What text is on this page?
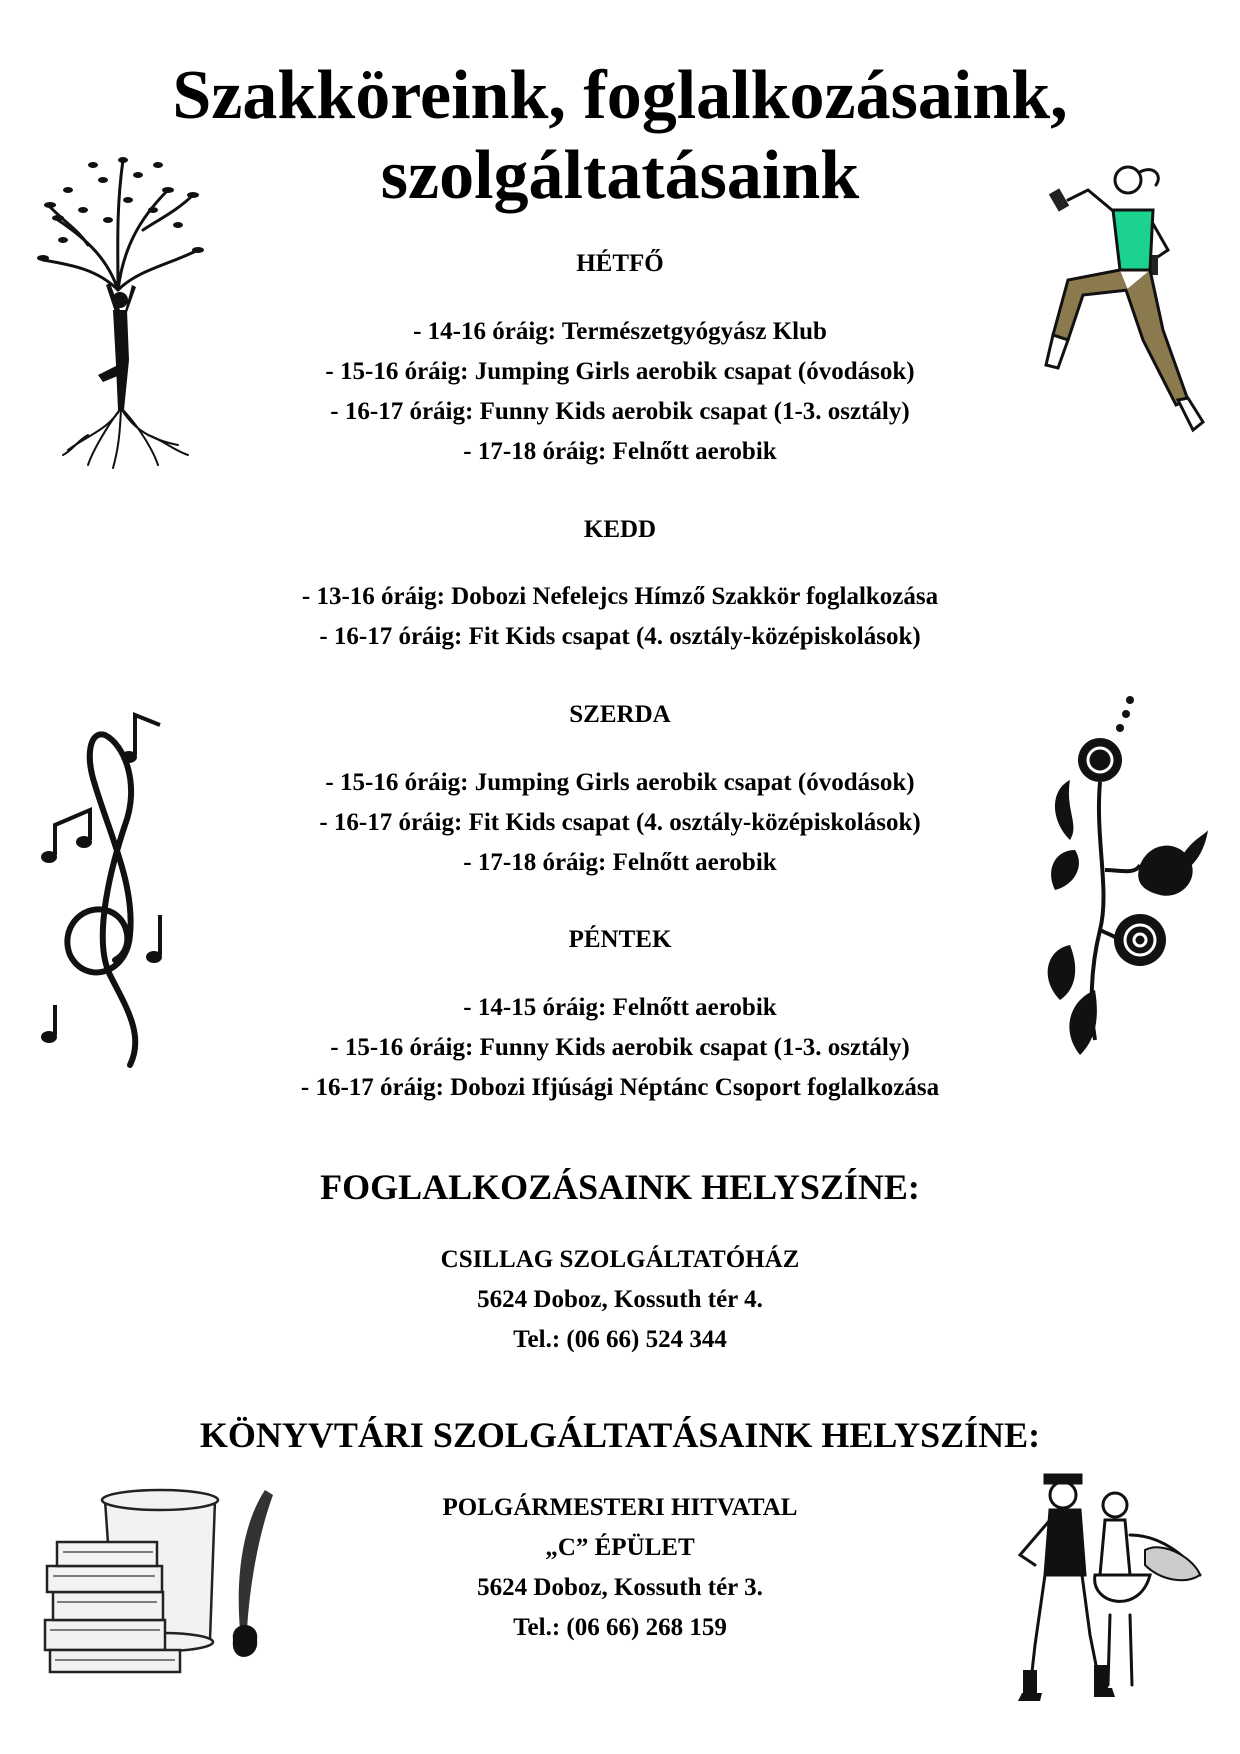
Szakköreink, foglalkozásaink,
szolgáltatásaink
HÉTFŐ
- 14-16 óráig: Természetgyógyász Klub
- 15-16 óráig: Jumping Girls aerobik csapat (óvodások)
- 16-17 óráig: Funny Kids aerobik csapat (1-3. osztály)
- 17-18 óráig: Felnőtt aerobik
KEDD
- 13-16 óráig: Dobozi Nefelejcs Hímző Szakkör foglalkozása
- 16-17 óráig: Fit Kids csapat (4. osztály-középiskolások)
SZERDA
- 15-16 óráig: Jumping Girls aerobik csapat (óvodások)
- 16-17 óráig: Fit Kids csapat (4. osztály-középiskolások)
- 17-18 óráig: Felnőtt aerobik
PÉNTEK
- 14-15 óráig: Felnőtt aerobik
- 15-16 óráig: Funny Kids aerobik csapat (1-3. osztály)
- 16-17 óráig: Dobozi Ifjúsági Néptánc Csoport foglalkozása
FOGLALKOZÁSAINK HELYSZÍNE:
CSILLAG SZOLGÁLTATÓHÁZ
5624 Doboz, Kossuth tér 4.
Tel.: (06 66) 524 344
KÖNYVTÁRI SZOLGÁLTATÁSAINK HELYSZÍNE:
POLGÁRMESTERI HITVATAL
„C” ÉPÜLET
5624 Doboz, Kossuth tér 3.
Tel.: (06 66) 268 159
